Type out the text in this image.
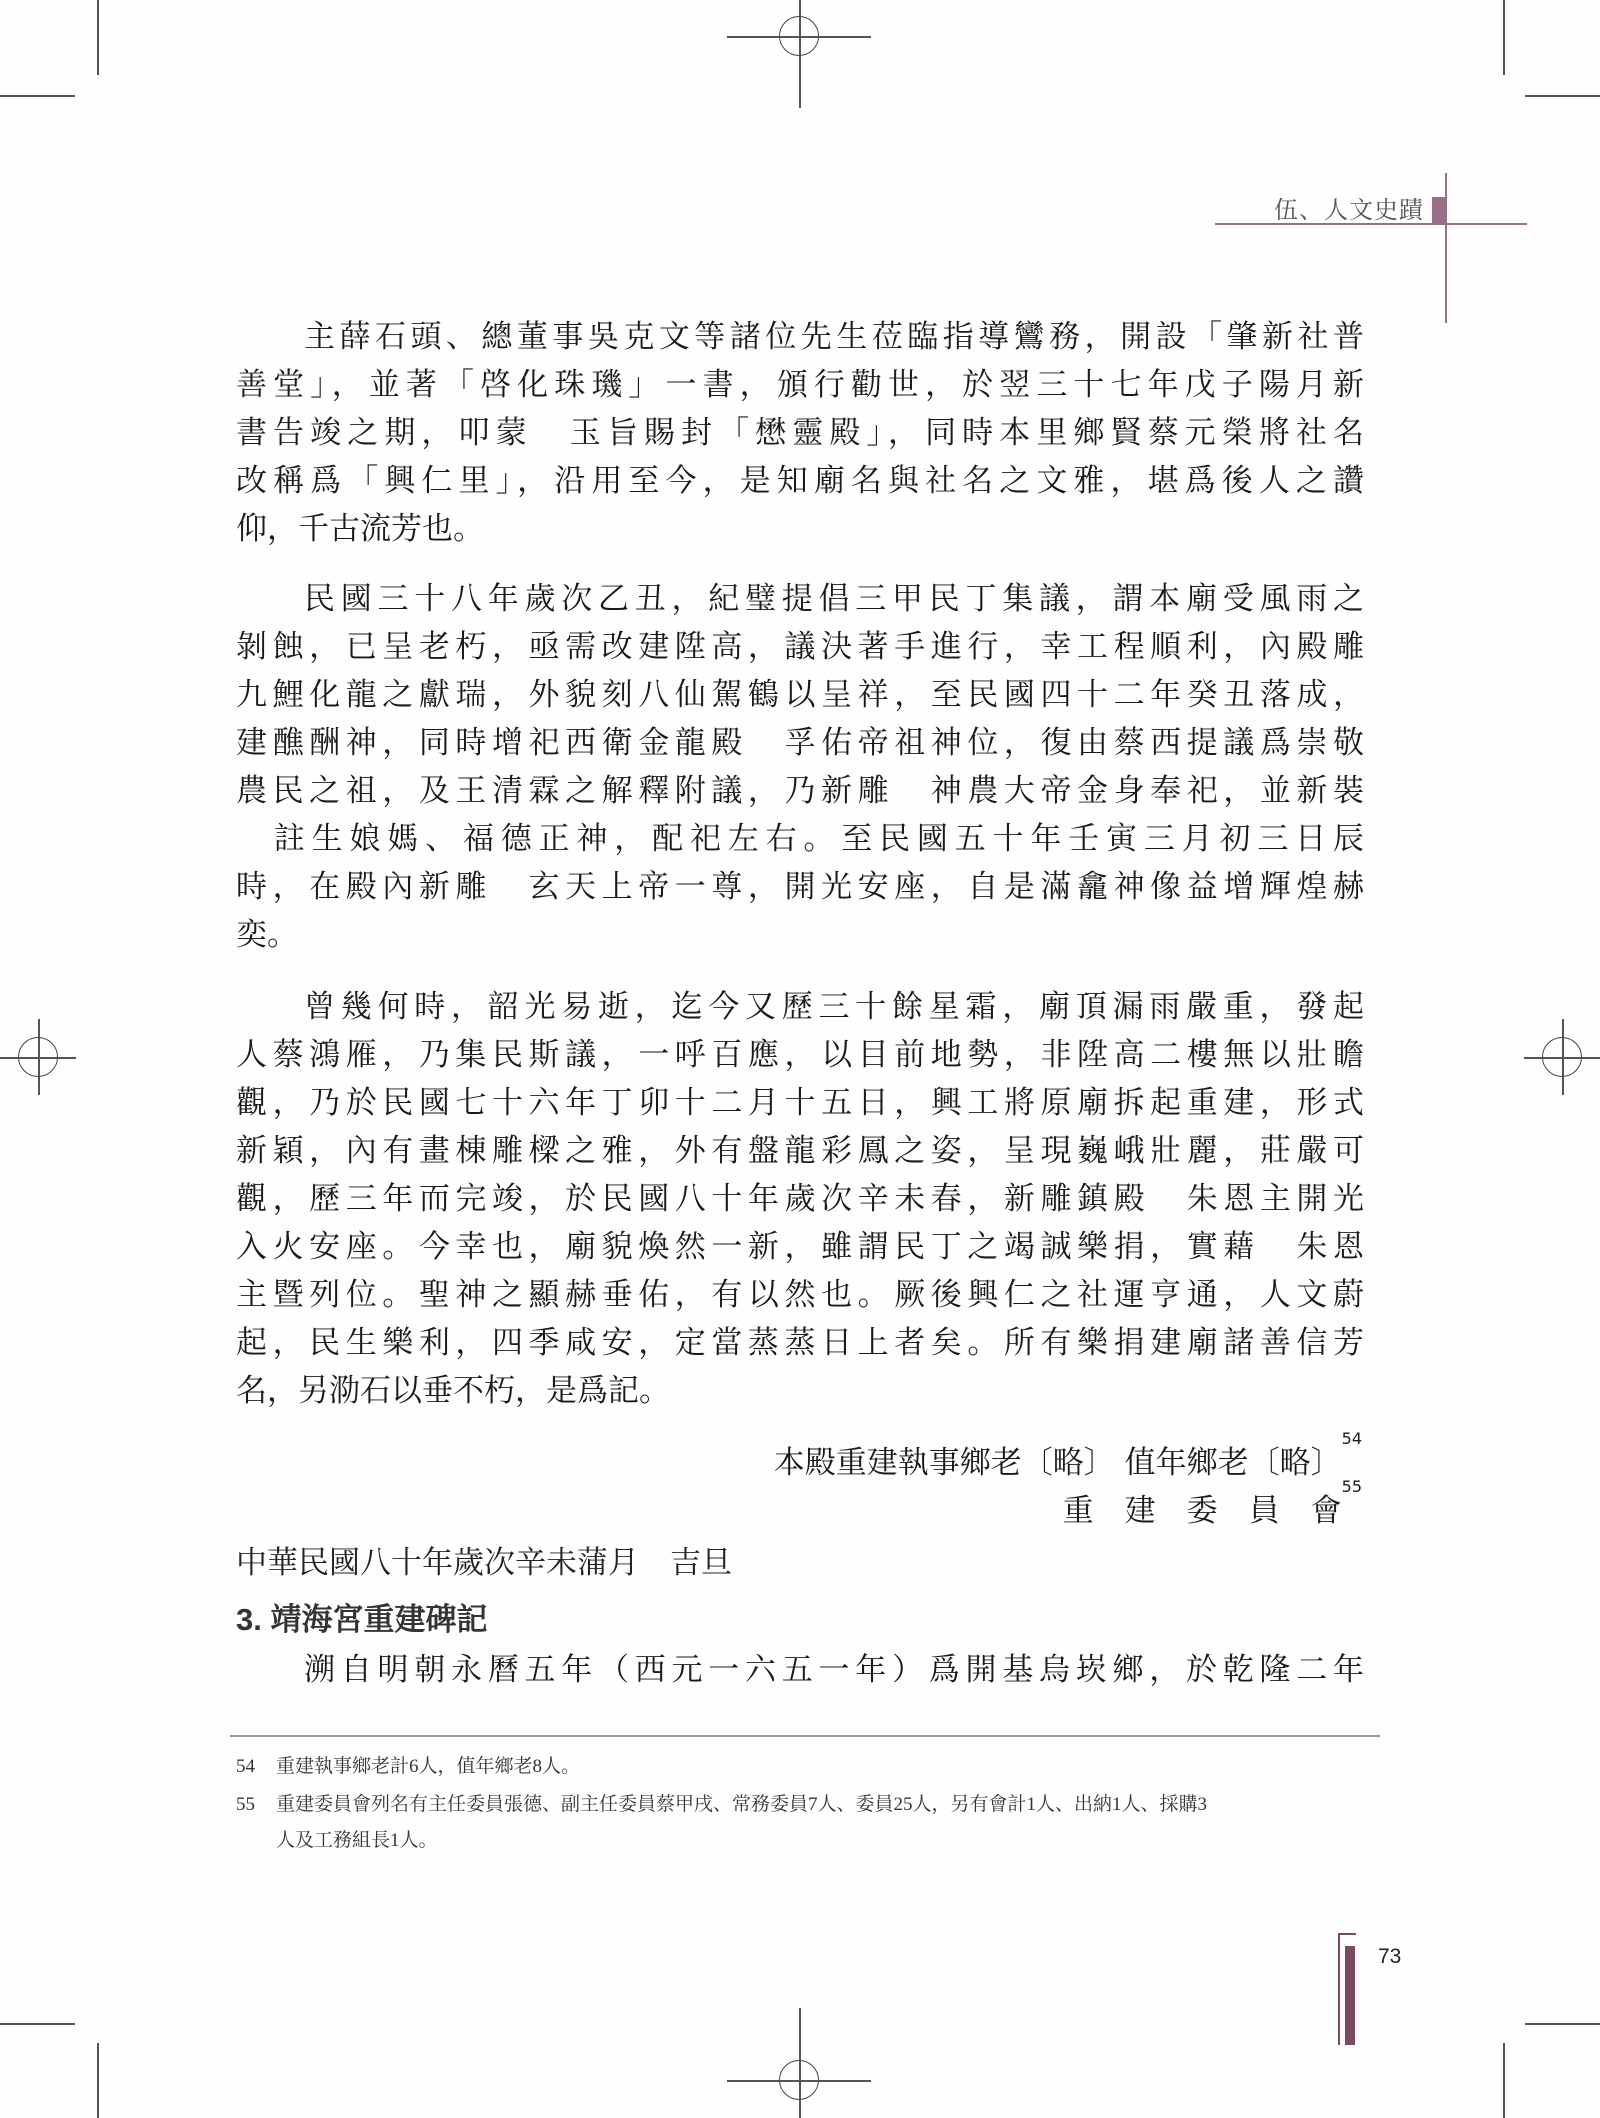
伍、人文史蹟
主薛石頭、總董事吳克文等諸位先生莅臨指導鸞務，開設「肇新社普
善堂」，並著「啓化珠璣」一書，頒行勸世，於翌三十七年戊子陽月新
書告竣之期，叩蒙　玉旨賜封「懋靈殿」，同時本里鄉賢蔡元榮將社名
改稱爲「興仁里」，沿用至今，是知廟名與社名之文雅，堪爲後人之讚
仰，千古流芳也。
民國三十八年歲次乙丑，紀璧提倡三甲民丁集議，謂本廟受風雨之
剝蝕，已呈老朽，亟需改建陞高，議決著手進行，幸工程順利，內殿雕
九鯉化龍之獻瑞，外貌刻八仙駕鶴以呈祥，至民國四十二年癸丑落成，
建醮酬神，同時增祀西衛金龍殿　孚佑帝祖神位，復由蔡西提議爲崇敬
農民之祖，及王清霖之解釋附議，乃新雕　神農大帝金身奉祀，並新裝
　註生娘媽、福德正神，配祀左右。至民國五十年壬寅三月初三日辰
時，在殿內新雕　玄天上帝一尊，開光安座，自是滿龕神像益增輝煌赫
奕。
曾幾何時，韶光易逝，迄今又歷三十餘星霜，廟頂漏雨嚴重，發起
人蔡鴻雁，乃集民斯議，一呼百應，以目前地勢，非陞高二樓無以壯瞻
觀，乃於民國七十六年丁卯十二月十五日，興工將原廟拆起重建，形式
新穎，內有畫棟雕樑之雅，外有盤龍彩鳳之姿，呈現巍峨壯麗，莊嚴可
觀，歷三年而完竣，於民國八十年歲次辛未春，新雕鎮殿　朱恩主開光
入火安座。今幸也，廟貌煥然一新，雖謂民丁之竭誠樂捐，實藉　朱恩
主暨列位。聖神之顯赫垂佑，有以然也。厥後興仁之社運亨通，人文蔚
起，民生樂利，四季咸安，定當蒸蒸日上者矣。所有樂捐建廟諸善信芳
名，另泐石以垂不朽，是爲記。
本殿重建執事鄉老〔略〕 值年鄉老〔略〕$^{54}$
重　建　委　員　會$^{55}$
中華民國八十年歲次辛未蒲月　吉旦
3. 靖海宮重建碑記
溯自明朝永曆五年（西元一六五一年）爲開基烏崁鄉，於乾隆二年
54 重建執事鄉老計6人，值年鄉老8人。
55 重建委員會列名有主任委員張德、副主任委員蔡甲戌、常務委員7人、委員25人，另有會計1人、出納1人、採購3
人及工務組長1人。
73
